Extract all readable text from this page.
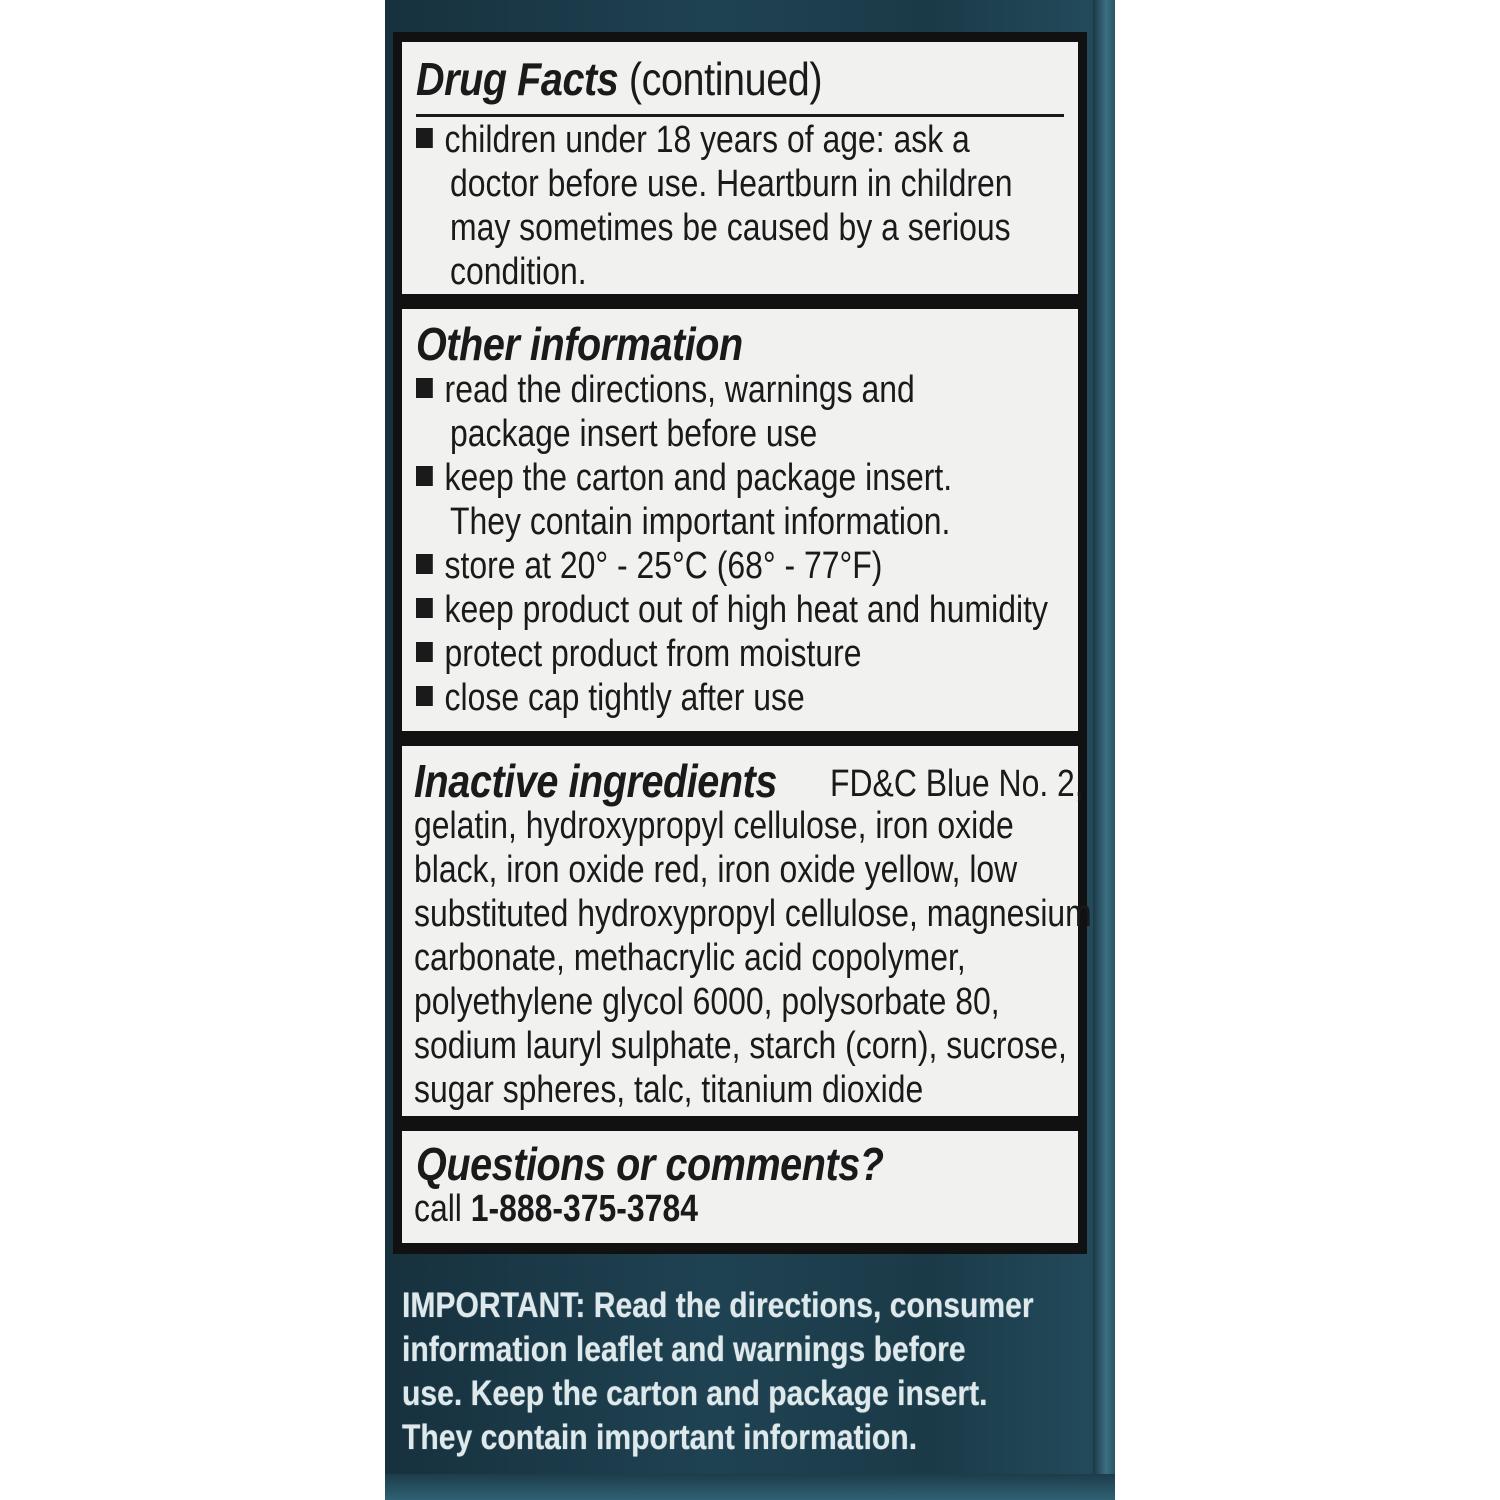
Drug Facts (continued)
children under 18 years of age: ask a
doctor before use. Heartburn in children
may sometimes be caused by a serious
condition.
Other information
read the directions, warnings and
package insert before use
keep the carton and package insert.
They contain important information.
store at 20° - 25°C (68° - 77°F)
keep product out of high heat and humidity
protect product from moisture
close cap tightly after use
Inactive ingredients	FD&C Blue No. 2,
gelatin, hydroxypropyl cellulose, iron oxide
black, iron oxide red, iron oxide yellow, low
substituted hydroxypropyl cellulose, magnesium
carbonate, methacrylic acid copolymer,
polyethylene glycol 6000, polysorbate 80,
sodium lauryl sulphate, starch (corn), sucrose,
sugar spheres, talc, titanium dioxide
Questions or comments?
call 1-888-375-3784
IMPORTANT: Read the directions, consumer
information leaflet and warnings before
use. Keep the carton and package insert.
They contain important information.
